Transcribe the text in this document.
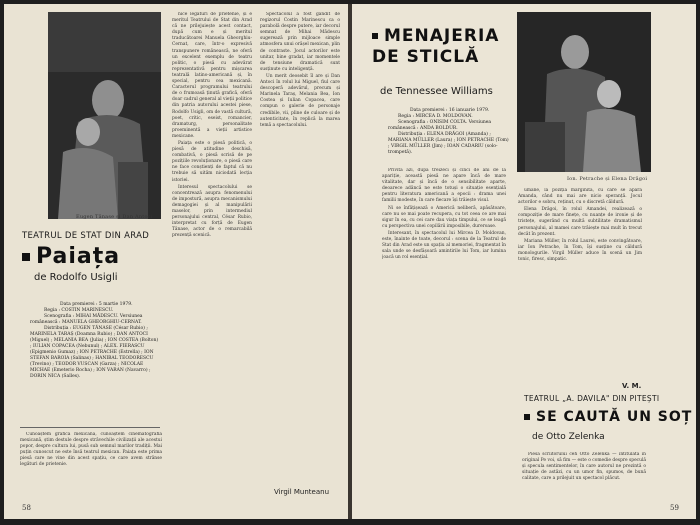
Eugen Tănase și Dan Antoci
TEATRUL DE STAT DIN ARAD
Paiața
de Rodolfo Usigli
Data premierei : 5 martie 1979.
Regia : COSTIN MARINESCU.
Scenografia : MIHAI MĂDESCU. Versiunea românească : MANUELA GHEORGHIU-CERNAT.
Distribuția : EUGEN TĂNASE (César Rubio) ; MARINELA TARAȘ (Doamna Rubio) ; DAN ANTOCI (Miguel) ; MELANIA BEA (Julia) ; ION COSTEA (Bolton) ; IULIAN COPACEA (Nebunul) ; ALEX. FIERASCU (Epigmenio Gumaz) ; ION PETRACHE (Estrella) ; ION STEFAN BAROIA (Salinas) ; HANIBAL TEODORESCU (Trevino) ; TEODOR VUSCAN (Garza) ; NICOLAE MICHAE (Emeterio Rocha) ; ION VARAN (Navarro) ; DORIN NICA (Salles).

Cunoaștem grafica mexicană, cunoaștem cinematografia mexicană, știm destule despre străvechile civilizații ale acestui popor, despre cultura lui, pusă sub semnul marilor tradiții. Mai puțin cunoscut ne este însă teatrul mexican. Paiața este prima piesă care ne vine din acest spațiu, ce care avem strânse legături de prietenie.

nice legături de prietenie, și e meritul Teatrului de Stat din Arad că ne prilejuiește acest contact, după cum e și meritul traducătoarei Manuela Gheorghiu-Cernat, care, într-o expresivă transpunere românească, ne oferă un excelent exemplu de teatru politic, o piesă cu adevărat reprezentativă pentru mișcarea teatrală latino-americană și, în special, pentru cea mexicană. Caracterul programului teatrului de o frumoasă ținută grafică, oferă doar cadrul general al vieții politice din patria autorului acestei piese, Rodolfo Usigli, om de vastă cultură, poet, critic, eseist, romancier, dramaturg, personalitate proeminentă a vieții artistice mexicane.

Paiața este o piesă politică, o piesă de atitudine deschisă, combativă, o piesă scrisă de pe pozițiile revoluționare, o piesă care ne face conștienți de faptul că nu trebuie să uităm niciodată lecția istoriei.

Interesul spectacolului se concentrează asupra fenomenului de impostură, asupra mecanismului demagogiei și al manipulării maselor, prin intermediul personajului central, César Rubio, interpretat cu forță de Eugen Tănase, actor de o remarcabilă prezență scenică.

Spectacolul a fost gândit de regizorul Costin Marinescu ca o parabolă despre putere, iar decorul semnat de Mihai Mădescu sugerează prin mijloace simple atmosfera unui orășel mexican, plin de contraste. Jocul actorilor este unitar, bine gradat, iar momentele de tensiune dramatică sunt susținute cu inteligență.

Un merit deosebit îl are și Dan Antoci în rolul lui Miguel, fiul care descoperă adevărul, precum și Marinela Taraș, Melania Bea, Ion Costea și Iulian Copacea, care compun o galerie de personaje credibile, vii, pline de culoare și de autenticitate, în replică la marea temă a spectacolului.

Virgil Munteanu
58
MENAJERIA
DE STICLĂ
de Tennessee Williams
Data premierei : 16 ianuarie 1979.
Regia : MIRCEA D. MOLDOVAN.
Scenografia : ONISIM COLTA. Versiunea românească : ANDA BOLDUR.
Distribuția : ELENA DRĂGOI (Amanda) ; MARIANA MÜLLER (Laura) ; ION PETRACHE (Tom) ; VIRGIL MÜLLER (Jim) ; IOAN CADARIU (solo-trompetă).
Ion. Petrache și Elena Drăgoi

Privită azi, după treizeci și cinci de ani de la apariție, această piesă ne apare încă de mare vitalitate, dar și încă de o sensibilitate aparte, deoarece adâncă ne este totuși o situație esențială pentru literatura americană a epocii : drama unei familii modeste, în care fiecare își trăiește visul.

Ni se înfățișează o Americă neliberă, apăsătoare, care nu se mai poate recupera, cu tot ceea ce are mai sigur în ea, cu cei care dau viața timpului, ce se leagă cu perspectiva unei copilării imposibile, dureroase.

Interesant, în spectacolul lui Mircea D. Moldovan, este, înainte de toate, decorul : scena de la Teatrul de Stat din Arad este un spațiu al memoriei, fragmentat în sala unde se desfășoară amintirile lui Tom, iar lumina joacă un rol esențial.

umane, la poziția mărginită, cu care se apără Amanda, când nu mai are nicio speranță. Jocul actorilor e sobru, reținut, cu o discretă căldură.

Elena Drăgoi, în rolul Amandei, realizează o compoziție de mare finețe, cu nuanțe de ironie și de tristețe, sugerând cu multă subtilitate dramatismul personajului, al mamei care trăiește mai mult în trecut decât în prezent.

Mariana Müller, în rolul Laurei, este convingătoare, iar Ion Petrache, în Tom, își susține cu căldură monologurile. Virgil Müller aduce în scenă un Jim tonic, firesc, simpatic.

V. M.
TEATRUL „A. DAVILA" DIN PITEȘTI
SE CAUTĂ UN SOȚ
de Otto Zelenka

Piesa scriitorului ceh Otto Zelenka — intitulată în original Pe voi, să fim — este o comedie despre speculă și specula sentimentelor, în care autorul ne prezintă o situație de astăzi, cu un umor fin, spumos, de bună calitate, care a prilejuit un spectacol plăcut.

59
